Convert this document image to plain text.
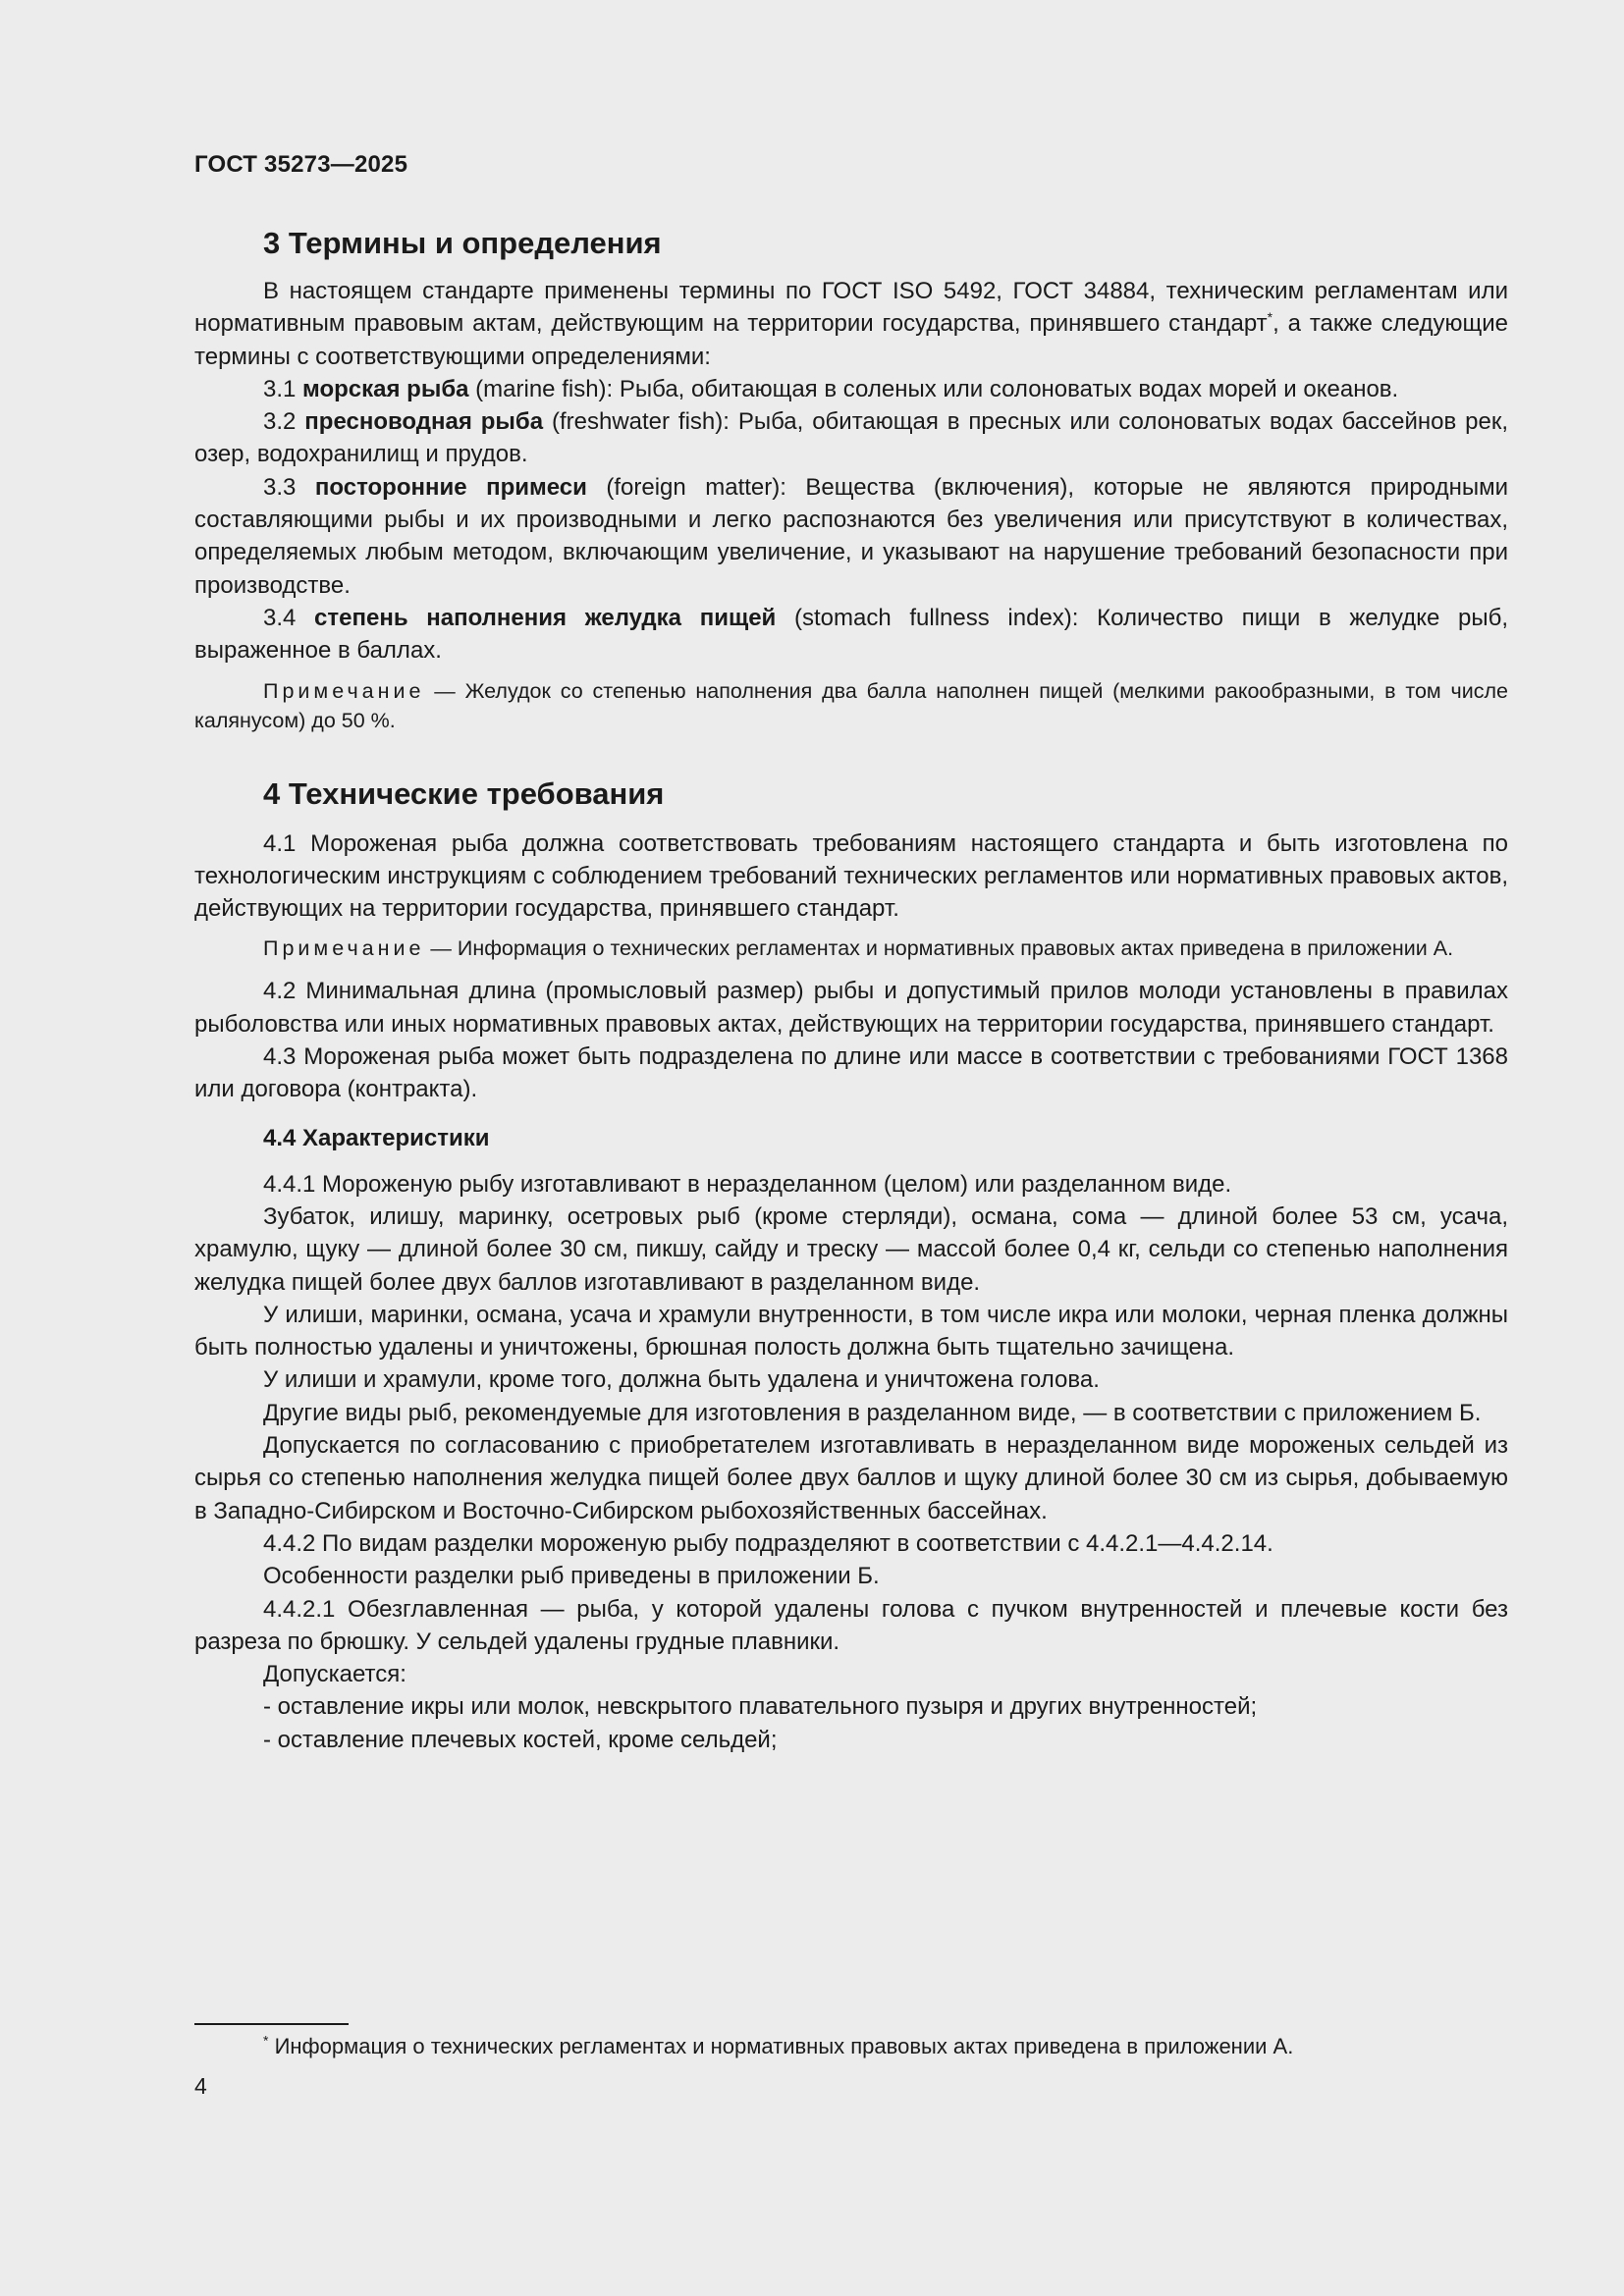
ГОСТ 35273—2025
3 Термины и определения

В настоящем стандарте применены термины по ГОСТ ISO 5492, ГОСТ 34884, техническим регламентам или нормативным правовым актам, действующим на территории государства, принявшего стандарт*, а также следующие термины с соответствующими определениями:

3.1 морская рыба (marine fish): Рыба, обитающая в соленых или солоноватых водах морей и океанов.

3.2 пресноводная рыба (freshwater fish): Рыба, обитающая в пресных или солоноватых водах бассейнов рек, озер, водохранилищ и прудов.

3.3 посторонние примеси (foreign matter): Вещества (включения), которые не являются природными составляющими рыбы и их производными и легко распознаются без увеличения или присутствуют в количествах, определяемых любым методом, включающим увеличение, и указывают на нарушение требований безопасности при производстве.

3.4 степень наполнения желудка пищей (stomach fullness index): Количество пищи в желудке рыб, выраженное в баллах.

Примечание — Желудок со степенью наполнения два балла наполнен пищей (мелкими ракообразными, в том числе калянусом) до 50 %.

4 Технические требования

4.1 Мороженая рыба должна соответствовать требованиям настоящего стандарта и быть изготовлена по технологическим инструкциям с соблюдением требований технических регламентов или нормативных правовых актов, действующих на территории государства, принявшего стандарт.

Примечание — Информация о технических регламентах и нормативных правовых актах приведена в приложении А.

4.2 Минимальная длина (промысловый размер) рыбы и допустимый прилов молоди установлены в правилах рыболовства или иных нормативных правовых актах, действующих на территории государства, принявшего стандарт.

4.3 Мороженая рыба может быть подразделена по длине или массе в соответствии с требованиями ГОСТ 1368 или договора (контракта).

4.4 Характеристики

4.4.1 Мороженую рыбу изготавливают в неразделанном (целом) или разделанном виде.

Зубаток, илишу, маринку, осетровых рыб (кроме стерляди), османа, сома — длиной более 53 см, усача, храмулю, щуку — длиной более 30 см, пикшу, сайду и треску — массой более 0,4 кг, сельди со степенью наполнения желудка пищей более двух баллов изготавливают в разделанном виде.

У илиши, маринки, османа, усача и храмули внутренности, в том числе икра или молоки, черная пленка должны быть полностью удалены и уничтожены, брюшная полость должна быть тщательно зачищена.

У илиши и храмули, кроме того, должна быть удалена и уничтожена голова.

Другие виды рыб, рекомендуемые для изготовления в разделанном виде, — в соответствии с приложением Б.

Допускается по согласованию с приобретателем изготавливать в неразделанном виде мороженых сельдей из сырья со степенью наполнения желудка пищей более двух баллов и щуку длиной более 30 см из сырья, добываемую в Западно-Сибирском и Восточно-Сибирском рыбохозяйственных бассейнах.

4.4.2 По видам разделки мороженую рыбу подразделяют в соответствии с 4.4.2.1—4.4.2.14.

Особенности разделки рыб приведены в приложении Б.

4.4.2.1 Обезглавленная — рыба, у которой удалены голова с пучком внутренностей и плечевые кости без разреза по брюшку. У сельдей удалены грудные плавники.

Допускается:

- оставление икры или молок, невскрытого плавательного пузыря и других внутренностей;

- оставление плечевых костей, кроме сельдей;

* Информация о технических регламентах и нормативных правовых актах приведена в приложении А.
4
